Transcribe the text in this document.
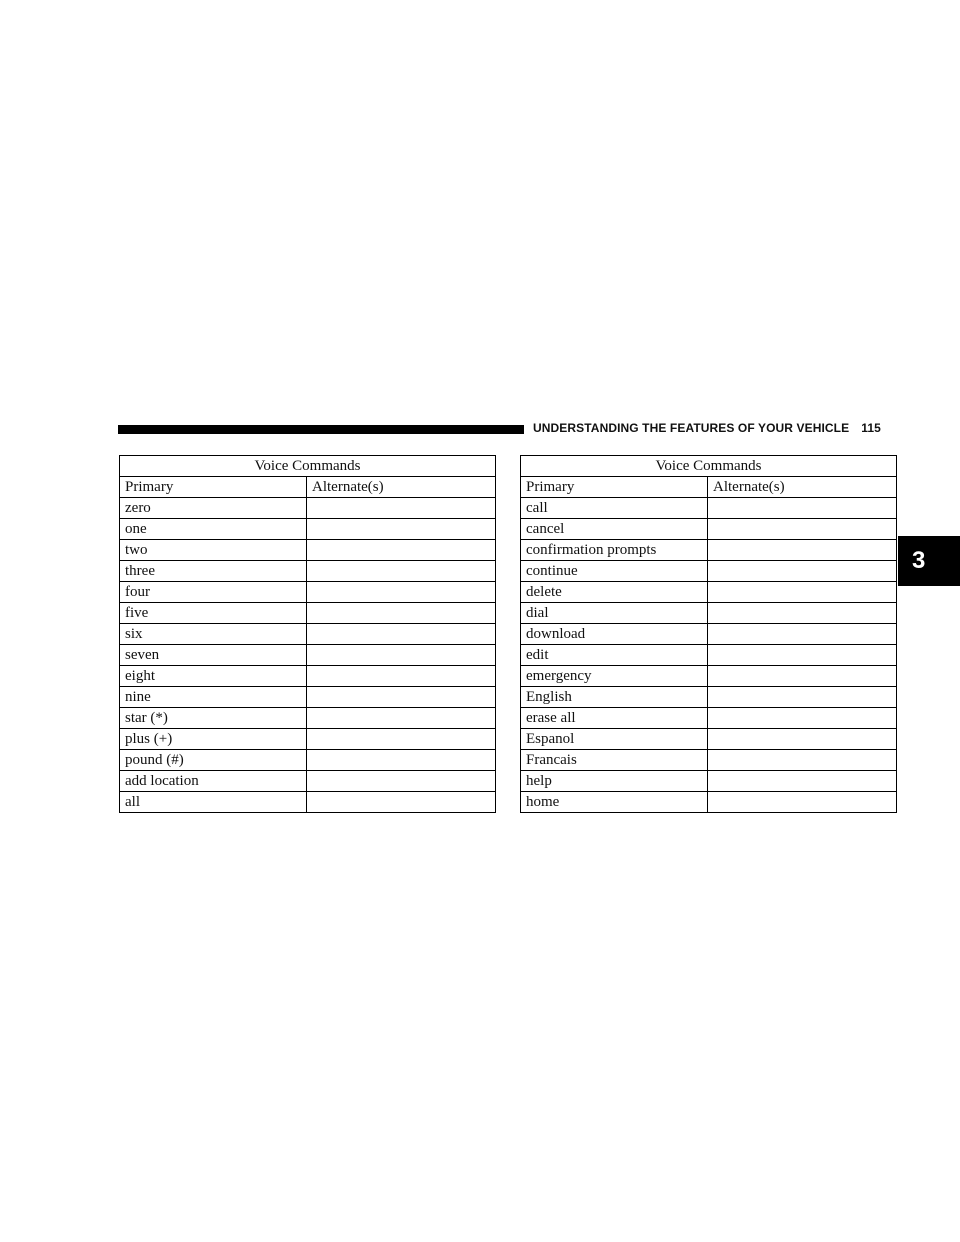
UNDERSTANDING THE FEATURES OF YOUR VEHICLE 115
3
Voice Commands	
Primary	Alternate(s)
zero	
one	
two	
three	
four	
five	
six	
seven	
eight	
nine	
star (*)	
plus (+)	
pound (#)	
add location	
all	
Voice Commands	
Primary	Alternate(s)
call	
cancel	
confirmation prompts	
continue	
delete	
dial	
download	
edit	
emergency	
English	
erase all	
Espanol	
Francais	
help	
home	
